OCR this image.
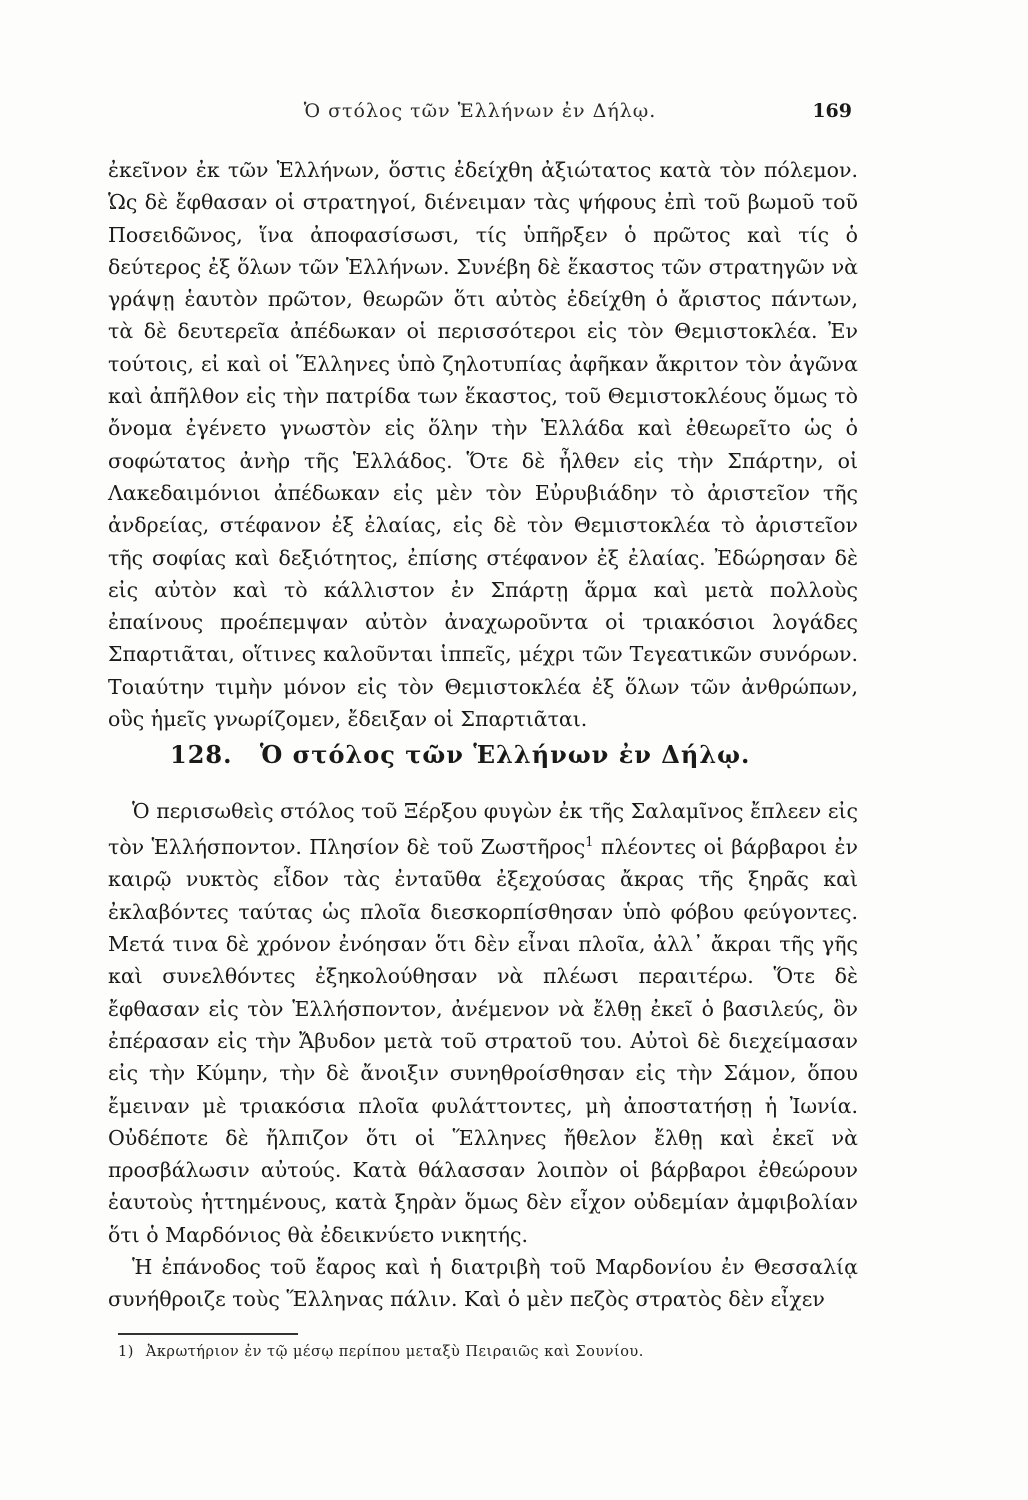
Ὁ στόλος τῶν Ἑλλήνων ἐν Δήλῳ.	169

ἐκεῖνον ἐκ τῶν Ἑλλήνων, ὅστις ἐδείχθη ἀξιώτατος κατὰ τὸν πόλεμον. Ὡς δὲ ἔφθασαν οἱ στρατηγοί, διένειμαν τὰς ψήφους ἐπὶ τοῦ βωμοῦ τοῦ Ποσειδῶνος, ἵνα ἀποφασίσωσι, τίς ὑπῆρξεν ὁ πρῶτος καὶ τίς ὁ δεύτερος ἐξ ὅλων τῶν Ἑλλήνων. Συνέβη δὲ ἕκαστος τῶν στρατηγῶν νὰ γράψῃ ἑαυτὸν πρῶτον, θεωρῶν ὅτι αὐτὸς ἐδείχθη ὁ ἄριστος πάντων, τὰ δὲ δευτερεῖα ἀπέδωκαν οἱ περισσότεροι εἰς τὸν Θεμιστοκλέα. Ἐν τούτοις, εἰ καὶ οἱ Ἕλληνες ὑπὸ ζηλοτυπίας ἀφῆκαν ἄκριτον τὸν ἀγῶνα καὶ ἀπῆλθον εἰς τὴν πατρίδα των ἕκαστος, τοῦ Θεμιστοκλέους ὅμως τὸ ὄνομα ἐγένετο γνωστὸν εἰς ὅλην τὴν Ἑλλάδα καὶ ἐθεωρεῖτο ὡς ὁ σοφώτατος ἀνὴρ τῆς Ἑλλάδος. Ὅτε δὲ ἦλθεν εἰς τὴν Σπάρτην, οἱ Λακεδαιμόνιοι ἀπέδωκαν εἰς μὲν τὸν Εὐρυβιάδην τὸ ἀριστεῖον τῆς ἀνδρείας, στέφανον ἐξ ἐλαίας, εἰς δὲ τὸν Θεμιστοκλέα τὸ ἀριστεῖον τῆς σοφίας καὶ δεξιότητος, ἐπίσης στέφανον ἐξ ἐλαίας. Ἐδώρησαν δὲ εἰς αὐτὸν καὶ τὸ κάλλιστον ἐν Σπάρτῃ ἅρμα καὶ μετὰ πολλοὺς ἐπαίνους προέπεμψαν αὐτὸν ἀναχωροῦντα οἱ τριακόσιοι λογάδες Σπαρτιᾶται, οἵτινες καλοῦνται ἱππεῖς, μέχρι τῶν Τεγεατικῶν συνόρων. Τοιαύτην τιμὴν μόνον εἰς τὸν Θεμιστοκλέα ἐξ ὅλων τῶν ἀνθρώπων, οὓς ἡμεῖς γνωρίζομεν, ἔδειξαν οἱ Σπαρτιᾶται.

128. Ὁ στόλος τῶν Ἑλλήνων ἐν Δήλῳ.

Ὁ περισωθεὶς στόλος τοῦ Ξέρξου φυγὼν ἐκ τῆς Σαλαμῖνος ἔπλεεν εἰς τὸν Ἑλλήσποντον. Πλησίον δὲ τοῦ Ζωστῆρος$^1$ πλέοντες οἱ βάρβαροι ἐν καιρῷ νυκτὸς εἶδον τὰς ἐνταῦθα ἐξεχούσας ἄκρας τῆς ξηρᾶς καὶ ἐκλαβόντες ταύτας ὡς πλοῖα διεσκορπίσθησαν ὑπὸ φόβου φεύγοντες. Μετά τινα δὲ χρόνον ἐνόησαν ὅτι δὲν εἶναι πλοῖα, ἀλλ᾽ ἄκραι τῆς γῆς καὶ συνελθόντες ἐξηκολούθησαν νὰ πλέωσι περαιτέρω. Ὅτε δὲ ἔφθασαν εἰς τὸν Ἑλλήσποντον, ἀνέμενον νὰ ἔλθῃ ἐκεῖ ὁ βασιλεύς, ὃν ἐπέρασαν εἰς τὴν Ἄβυδον μετὰ τοῦ στρατοῦ του. Αὐτοὶ δὲ διεχείμασαν εἰς τὴν Κύμην, τὴν δὲ ἄνοιξιν συνηθροίσθησαν εἰς τὴν Σάμον, ὅπου ἔμειναν μὲ τριακόσια πλοῖα φυλάττοντες, μὴ ἀποστατήσῃ ἡ Ἰωνία. Οὐδέποτε δὲ ἤλπιζον ὅτι οἱ Ἕλληνες ἤθελον ἔλθῃ καὶ ἐκεῖ νὰ προσβάλωσιν αὐτούς. Κατὰ θάλασσαν λοιπὸν οἱ βάρβαροι ἐθεώρουν ἑαυτοὺς ἡττημένους, κατὰ ξηρὰν ὅμως δὲν εἶχον οὐδεμίαν ἀμφιβολίαν ὅτι ὁ Μαρδόνιος θὰ ἐδεικνύετο νικητής.

Ἡ ἐπάνοδος τοῦ ἔαρος καὶ ἡ διατριβὴ τοῦ Μαρδονίου ἐν Θεσσαλίᾳ συνήθροιζε τοὺς Ἕλληνας πάλιν. Καὶ ὁ μὲν πεζὸς στρατὸς δὲν εἶχεν

1) Ἀκρωτήριον ἐν τῷ μέσῳ περίπου μεταξὺ Πειραιῶς καὶ Σουνίου.
